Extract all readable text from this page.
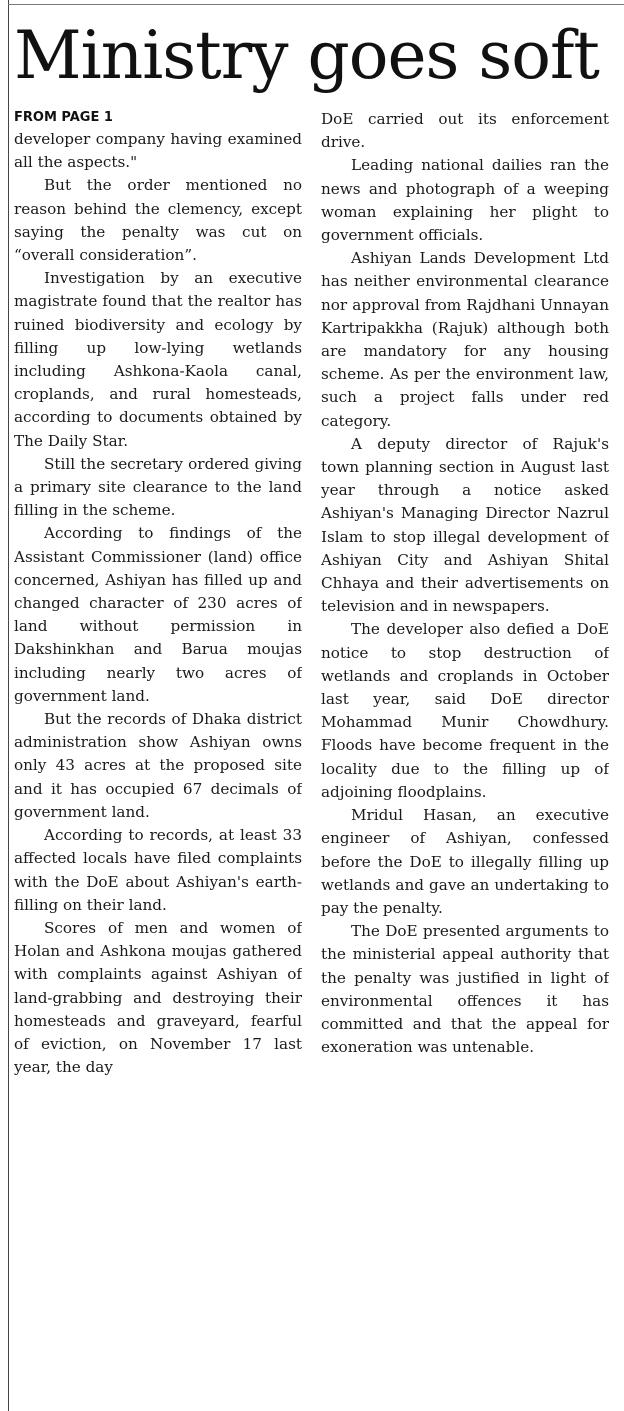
Ministry goes soft
FROM PAGE 1

developer company having examined all the aspects."

But the order mentioned no reason behind the clemency, except saying the penalty was cut on “overall consideration”.

Investigation by an executive magistrate found that the realtor has ruined biodiversity and ecology by filling up low-lying wetlands including Ashkona-Kaola canal, croplands, and rural homesteads, according to documents obtained by The Daily Star.

Still the secretary ordered giving a primary site clearance to the land filling in the scheme.

According to findings of the Assistant Commissioner (land) office concerned, Ashiyan has filled up and changed character of 230 acres of land without permission in Dakshinkhan and Barua moujas including nearly two acres of government land.

But the records of Dhaka district administration show Ashiyan owns only 43 acres at the proposed site and it has occupied 67 decimals of government land.

According to records, at least 33 affected locals have filed complaints with the DoE about Ashiyan's earth-filling on their land.

Scores of men and women of Holan and Ashkona moujas gathered with complaints against Ashiyan of land-grabbing and destroying their homesteads and graveyard, fearful of eviction, on November 17 last year, the day

DoE carried out its enforcement drive.

Leading national dailies ran the news and photograph of a weeping woman explaining her plight to government officials.

Ashiyan Lands Development Ltd has neither environmental clearance nor approval from Rajdhani Unnayan Kartripakkha (Rajuk) although both are mandatory for any housing scheme. As per the environment law, such a project falls under red category.

A deputy director of Rajuk's town planning section in August last year through a notice asked Ashiyan's Managing Director Nazrul Islam to stop illegal development of Ashiyan City and Ashiyan Shital Chhaya and their advertisements on television and in newspapers.

The developer also defied a DoE notice to stop destruction of wetlands and croplands in October last year, said DoE director Mohammad Munir Chowdhury. Floods have become frequent in the locality due to the filling up of adjoining floodplains.

Mridul Hasan, an executive engineer of Ashiyan, confessed before the DoE to illegally filling up wetlands and gave an undertaking to pay the penalty.

The DoE presented arguments to the ministerial appeal authority that the penalty was justified in light of environmental offences it has committed and that the appeal for exoneration was untenable.
